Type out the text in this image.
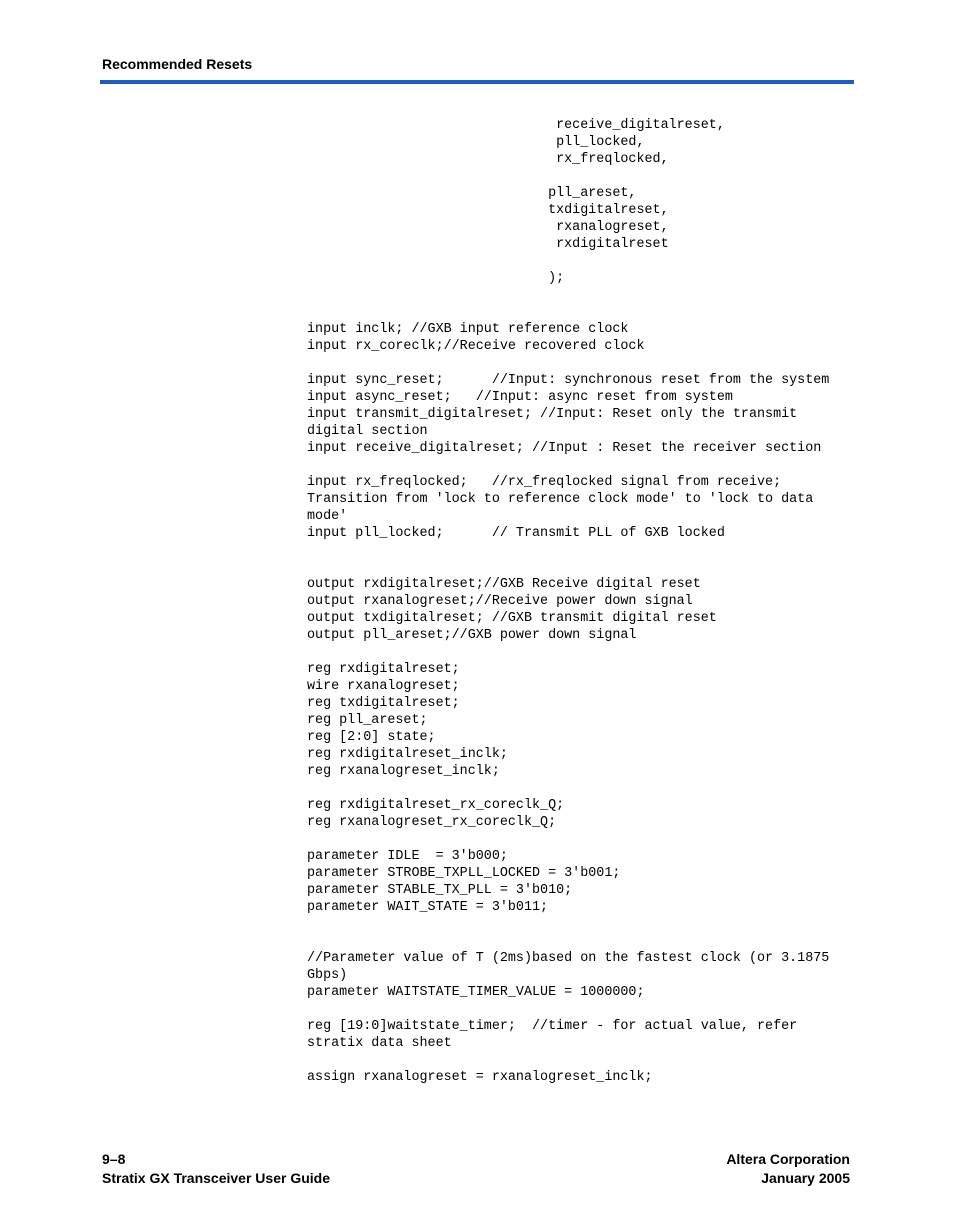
Recommended Resets
receive_digitalreset,
pll_locked,
rx_freqlocked,
pll_areset,
txdigitalreset,
rxanalogreset,
rxdigitalreset
);
input inclk; //GXB input reference clock
input rx_coreclk;//Receive recovered clock
input sync_reset;      //Input: synchronous reset from the system
input async_reset;   //Input: async reset from system
input transmit_digitalreset; //Input: Reset only the transmit
digital section
input receive_digitalreset; //Input : Reset the receiver section
input rx_freqlocked;   //rx_freqlocked signal from receive;
Transition from 'lock to reference clock mode' to 'lock to data
mode'
input pll_locked;      // Transmit PLL of GXB locked
output rxdigitalreset;//GXB Receive digital reset
output rxanalogreset;//Receive power down signal
output txdigitalreset; //GXB transmit digital reset
output pll_areset;//GXB power down signal
reg rxdigitalreset;
wire rxanalogreset;
reg txdigitalreset;
reg pll_areset;
reg [2:0] state;
reg rxdigitalreset_inclk;
reg rxanalogreset_inclk;
reg rxdigitalreset_rx_coreclk_Q;
reg rxanalogreset_rx_coreclk_Q;
parameter IDLE  = 3'b000;
parameter STROBE_TXPLL_LOCKED = 3'b001;
parameter STABLE_TX_PLL = 3'b010;
parameter WAIT_STATE = 3'b011;
//Parameter value of T (2ms)based on the fastest clock (or 3.1875
Gbps)
parameter WAITSTATE_TIMER_VALUE = 1000000;
reg [19:0]waitstate_timer;  //timer - for actual value, refer
stratix data sheet
assign rxanalogreset = rxanalogreset_inclk;
9–8
Stratix GX Transceiver User Guide
Altera Corporation
January 2005
